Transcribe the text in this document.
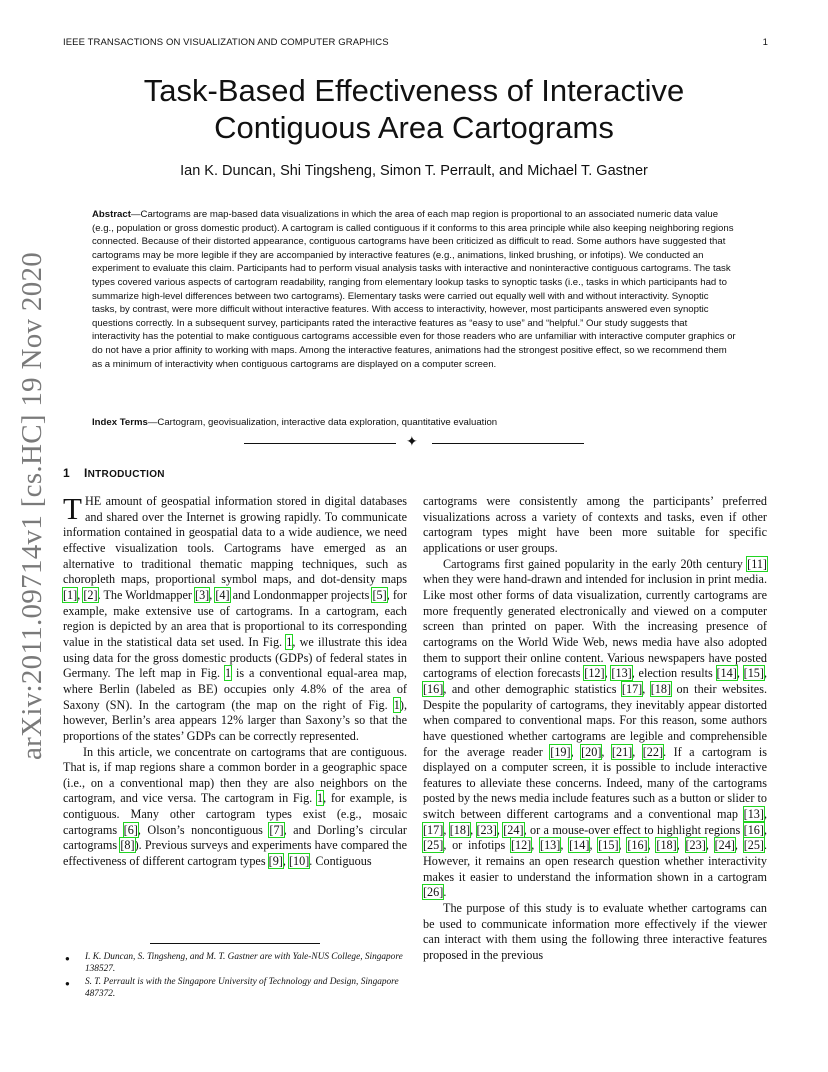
IEEE TRANSACTIONS ON VISUALIZATION AND COMPUTER GRAPHICS	1
arXiv:2011.09714v1 [cs.HC] 19 Nov 2020
Task-Based Effectiveness of Interactive
Contiguous Area Cartograms
Ian K. Duncan, Shi Tingsheng, Simon T. Perrault, and Michael T. Gastner
Abstract—Cartograms are map-based data visualizations in which the area of each map region is proportional to an associated numeric data value (e.g., population or gross domestic product). A cartogram is called contiguous if it conforms to this area principle while also keeping neighboring regions connected. Because of their distorted appearance, contiguous cartograms have been criticized as difficult to read. Some authors have suggested that cartograms may be more legible if they are accompanied by interactive features (e.g., animations, linked brushing, or infotips). We conducted an experiment to evaluate this claim. Participants had to perform visual analysis tasks with interactive and noninteractive contiguous cartograms. The task types covered various aspects of cartogram readability, ranging from elementary lookup tasks to synoptic tasks (i.e., tasks in which participants had to summarize high-level differences between two cartograms). Elementary tasks were carried out equally well with and without interactivity. Synoptic tasks, by contrast, were more difficult without interactive features. With access to interactivity, however, most participants answered even synoptic questions correctly. In a subsequent survey, participants rated the interactive features as “easy to use” and “helpful.” Our study suggests that interactivity has the potential to make contiguous cartograms accessible even for those readers who are unfamiliar with interactive computer graphics or do not have a prior affinity to working with maps. Among the interactive features, animations had the strongest positive effect, so we recommend them as a minimum of interactivity when contiguous cartograms are displayed on a computer screen.
Index Terms—Cartogram, geovisualization, interactive data exploration, quantitative evaluation
✦
1 INTRODUCTION

THE amount of geospatial information stored in digital databases and shared over the Internet is growing rapidly. To communicate information contained in geospatial data to a wide audience, we need effective visualization tools. Cartograms have emerged as an alternative to traditional thematic mapping techniques, such as choropleth maps, proportional symbol maps, and dot-density maps [1], [2]. The Worldmapper [3], [4] and Londonmapper projects [5], for example, make extensive use of cartograms. In a cartogram, each region is depicted by an area that is proportional to its corresponding value in the statistical data set used. In Fig. 1, we illustrate this idea using data for the gross domestic products (GDPs) of federal states in Germany. The left map in Fig. 1 is a conventional equal-area map, where Berlin (labeled as BE) occupies only 4.8% of the area of Saxony (SN). In the cartogram (the map on the right of Fig. 1), however, Berlin’s area appears 12% larger than Saxony’s so that the proportions of the states’ GDPs can be correctly represented.

In this article, we concentrate on cartograms that are contiguous. That is, if map regions share a common border in a geographic space (i.e., on a conventional map) then they are also neighbors on the cartogram, and vice versa. The cartogram in Fig. 1, for example, is contiguous. Many other cartogram types exist (e.g., mosaic cartograms [6], Olson’s noncontiguous [7], and Dorling’s circular cartograms [8]). Previous surveys and experiments have compared the effectiveness of different cartogram types [9], [10]. Contiguous

cartograms were consistently among the participants’ preferred visualizations across a variety of contexts and tasks, even if other cartogram types might have been more suitable for specific applications or user groups.

Cartograms first gained popularity in the early 20th century [11] when they were hand-drawn and intended for inclusion in print media. Like most other forms of data visualization, currently cartograms are more frequently generated electronically and viewed on a computer screen than printed on paper. With the increasing presence of cartograms on the World Wide Web, news media have also adopted them to support their online content. Various newspapers have posted cartograms of election forecasts [12], [13], election results [14], [15], [16], and other demographic statistics [17], [18] on their websites. Despite the popularity of cartograms, they inevitably appear distorted when compared to conventional maps. For this reason, some authors have questioned whether cartograms are legible and comprehensible for the average reader [19], [20], [21], [22]. If a cartogram is displayed on a computer screen, it is possible to include interactive features to alleviate these concerns. Indeed, many of the cartograms posted by the news media include features such as a button or slider to switch between different cartograms and a conventional map [13], [17], [18], [23], [24], or a mouse-over effect to highlight regions [16], [25], or infotips [12], [13], [14], [15], [16], [18], [23], [24], [25]. However, it remains an open research question whether interactivity makes it easier to understand the information shown in a cartogram [26].

The purpose of this study is to evaluate whether cartograms can be used to communicate information more effectively if the viewer can interact with them using the following three interactive features proposed in the previous

●	I. K. Duncan, S. Tingsheng, and M. T. Gastner are with Yale-NUS College, Singapore 138527.
●	S. T. Perrault is with the Singapore University of Technology and Design, Singapore 487372.
